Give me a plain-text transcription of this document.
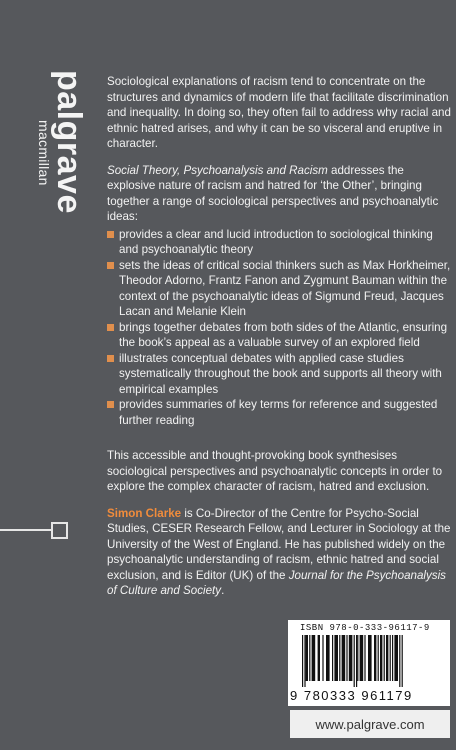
palgrave
macmillan

Sociological explanations of racism tend to concentrate on the structures and dynamics of modern life that facilitate discrimination and inequality. In doing so, they often fail to address why racial and ethnic hatred arises, and why it can be so visceral and eruptive in character.

Social Theory, Psychoanalysis and Racism addresses the explosive nature of racism and hatred for ‘the Other’, bringing together a range of sociological perspectives and psychoanalytic ideas:

provides a clear and lucid introduction to sociological thinking and psychoanalytic theory
sets the ideas of critical social thinkers such as Max Horkheimer, Theodor Adorno, Frantz Fanon and Zygmunt Bauman within the context of the psychoanalytic ideas of Sigmund Freud, Jacques Lacan and Melanie Klein
brings together debates from both sides of the Atlantic, ensuring the book’s appeal as a valuable survey of an explored field
illustrates conceptual debates with applied case studies systematically throughout the book and supports all theory with empirical examples
provides summaries of key terms for reference and suggested further reading

This accessible and thought-provoking book synthesises sociological perspectives and psychoanalytic concepts in order to explore the complex character of racism, hatred and exclusion.

Simon Clarke is Co-Director of the Centre for Psycho-Social Studies, CESER Research Fellow, and Lecturer in Sociology at the University of the West of England. He has published widely on the psychoanalytic understanding of racism, ethnic hatred and social exclusion, and is Editor (UK) of the Journal for the Psychoanalysis of Culture and Society.

ISBN 978-0-333-96117-9
9 780333 961179
www.palgrave.com
